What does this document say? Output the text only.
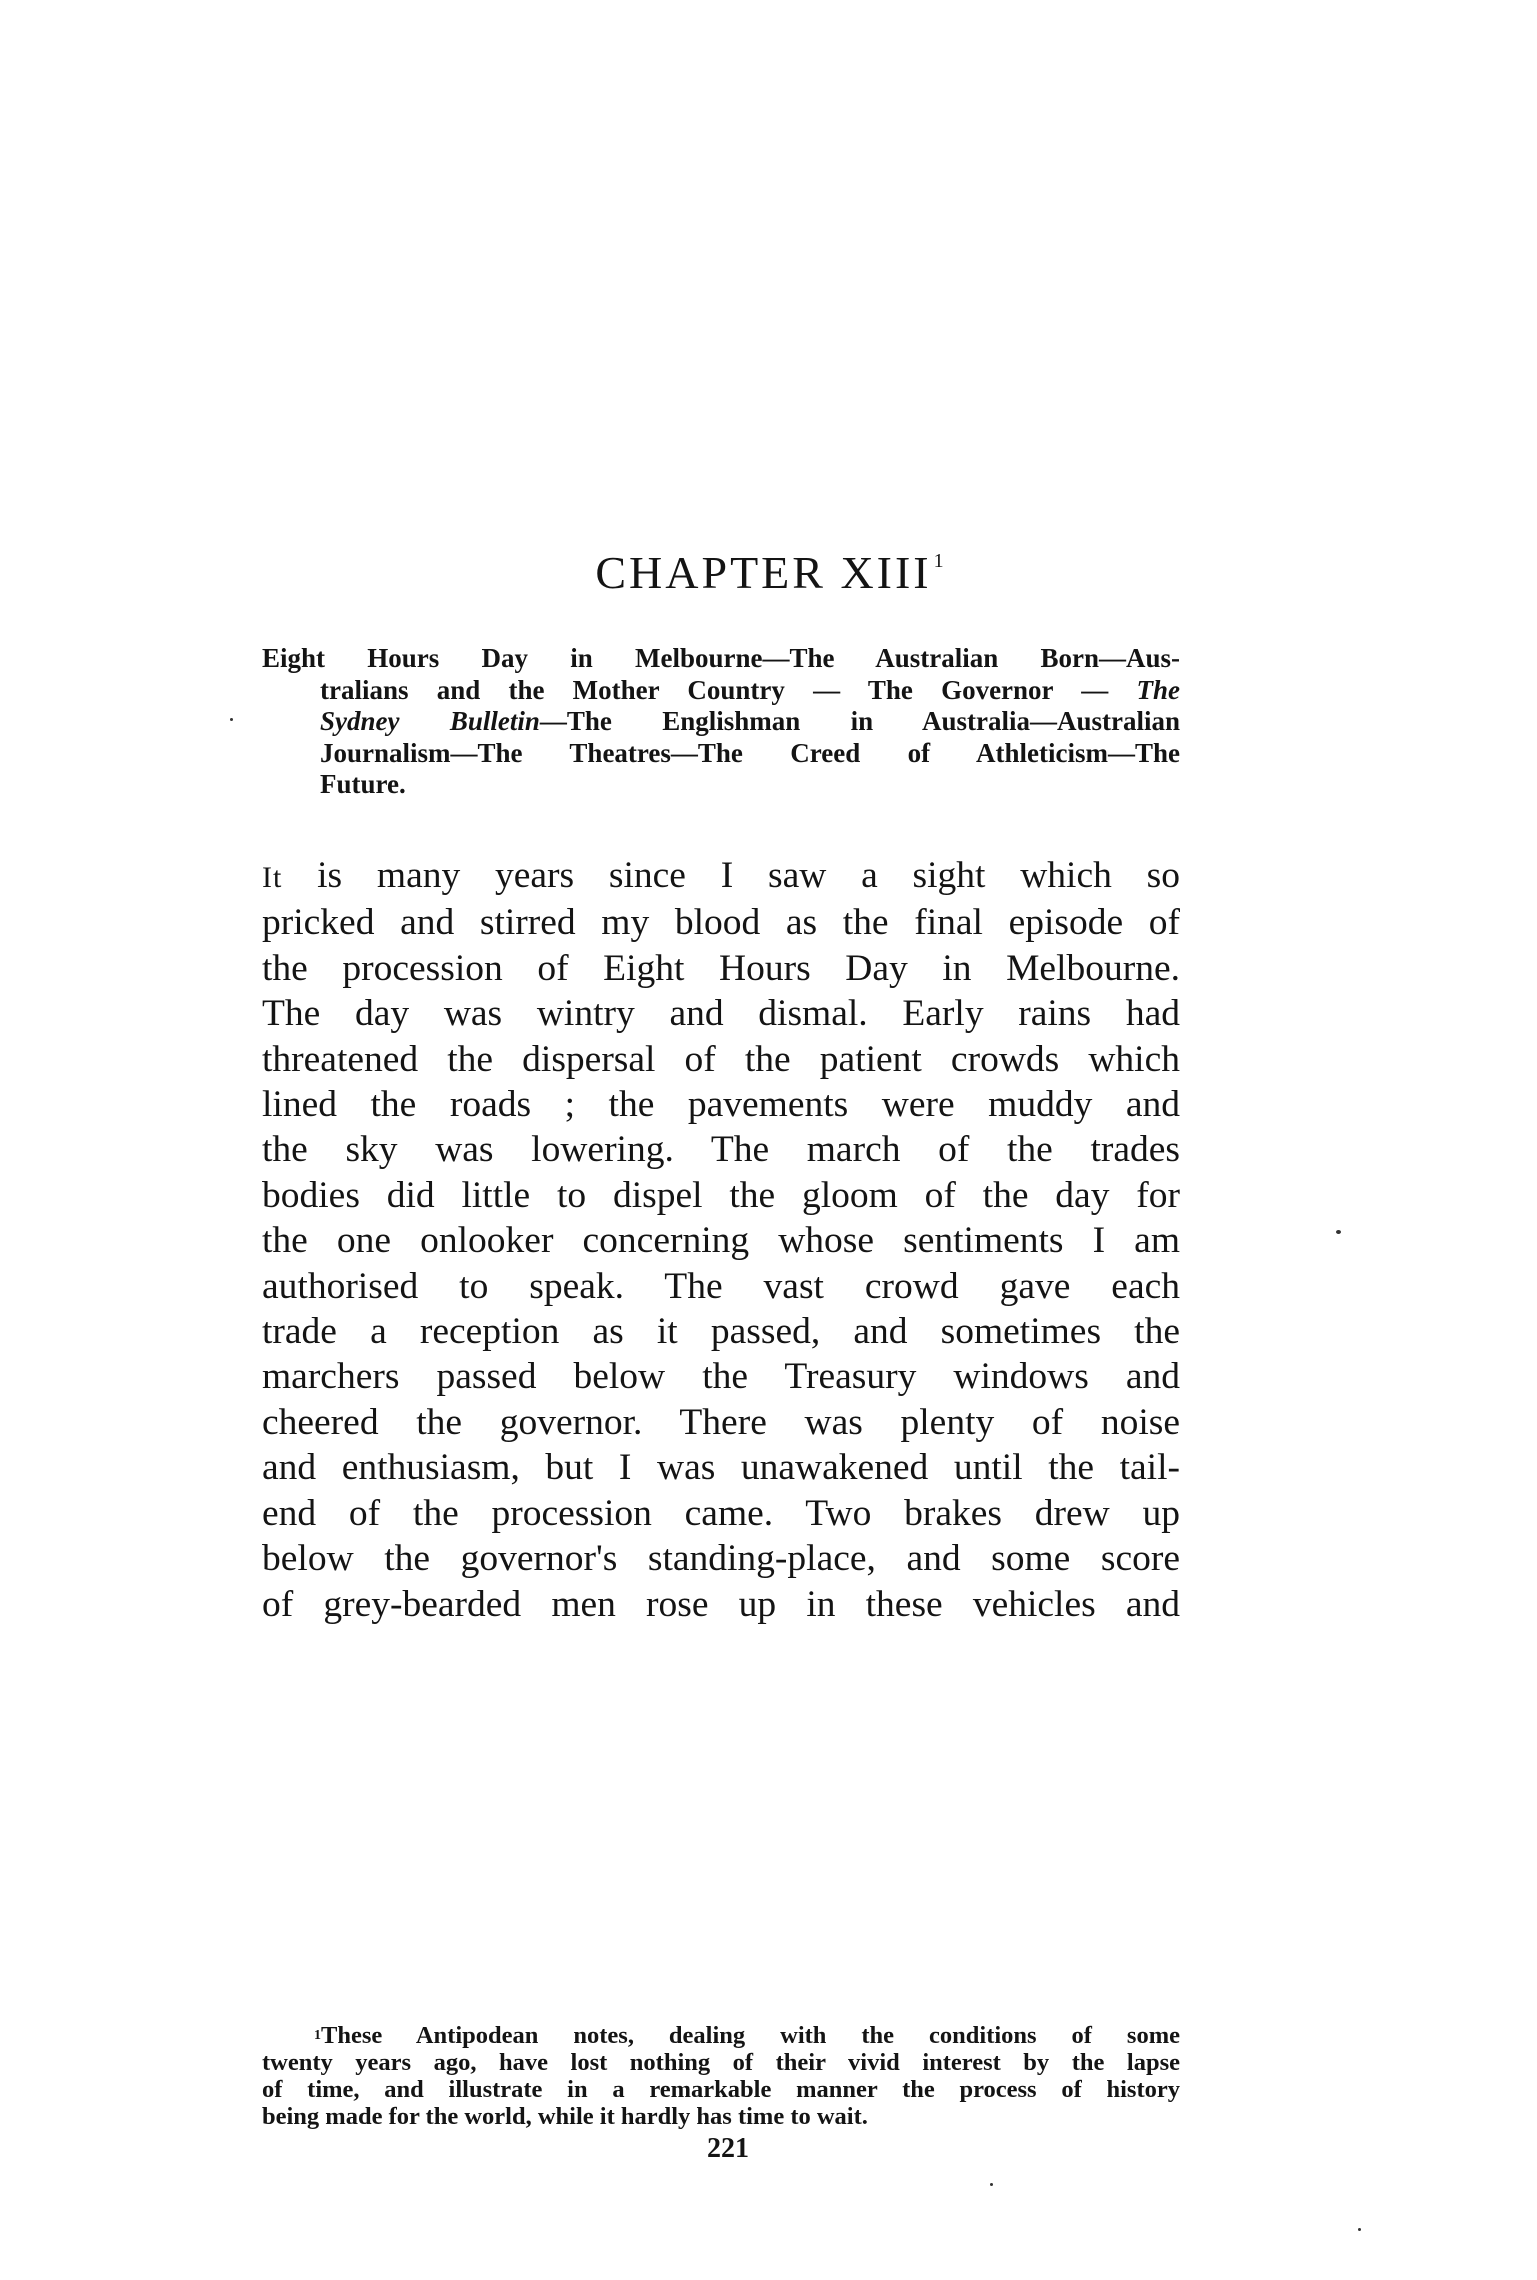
CHAPTER XIII $^1$
Eight Hours Day in Melbourne—The Australian Born—Aus-
tralians and the Mother Country — The Governor — The
Sydney Bulletin—The Englishman in Australia—Australian
Journalism—The Theatres—The Creed of Athleticism—The
Future.
It is many years since I saw a sight which so
pricked and stirred my blood as the final episode of
the procession of Eight Hours Day in Melbourne.
The day was wintry and dismal. Early rains had
threatened the dispersal of the patient crowds which
lined the roads ; the pavements were muddy and
the sky was lowering. The march of the trades
bodies did little to dispel the gloom of the day for
the one onlooker concerning whose sentiments I am
authorised to speak. The vast crowd gave each
trade a reception as it passed, and sometimes the
marchers passed below the Treasury windows and
cheered the governor. There was plenty of noise
and enthusiasm, but I was unawakened until the tail-
end of the procession came. Two brakes drew up
below the governor's standing-place, and some score
of grey-bearded men rose up in these vehicles and
$^1$These Antipodean notes, dealing with the conditions of some
twenty years ago, have lost nothing of their vivid interest by the lapse
of time, and illustrate in a remarkable manner the process of history
being made for the world, while it hardly has time to wait.
221
